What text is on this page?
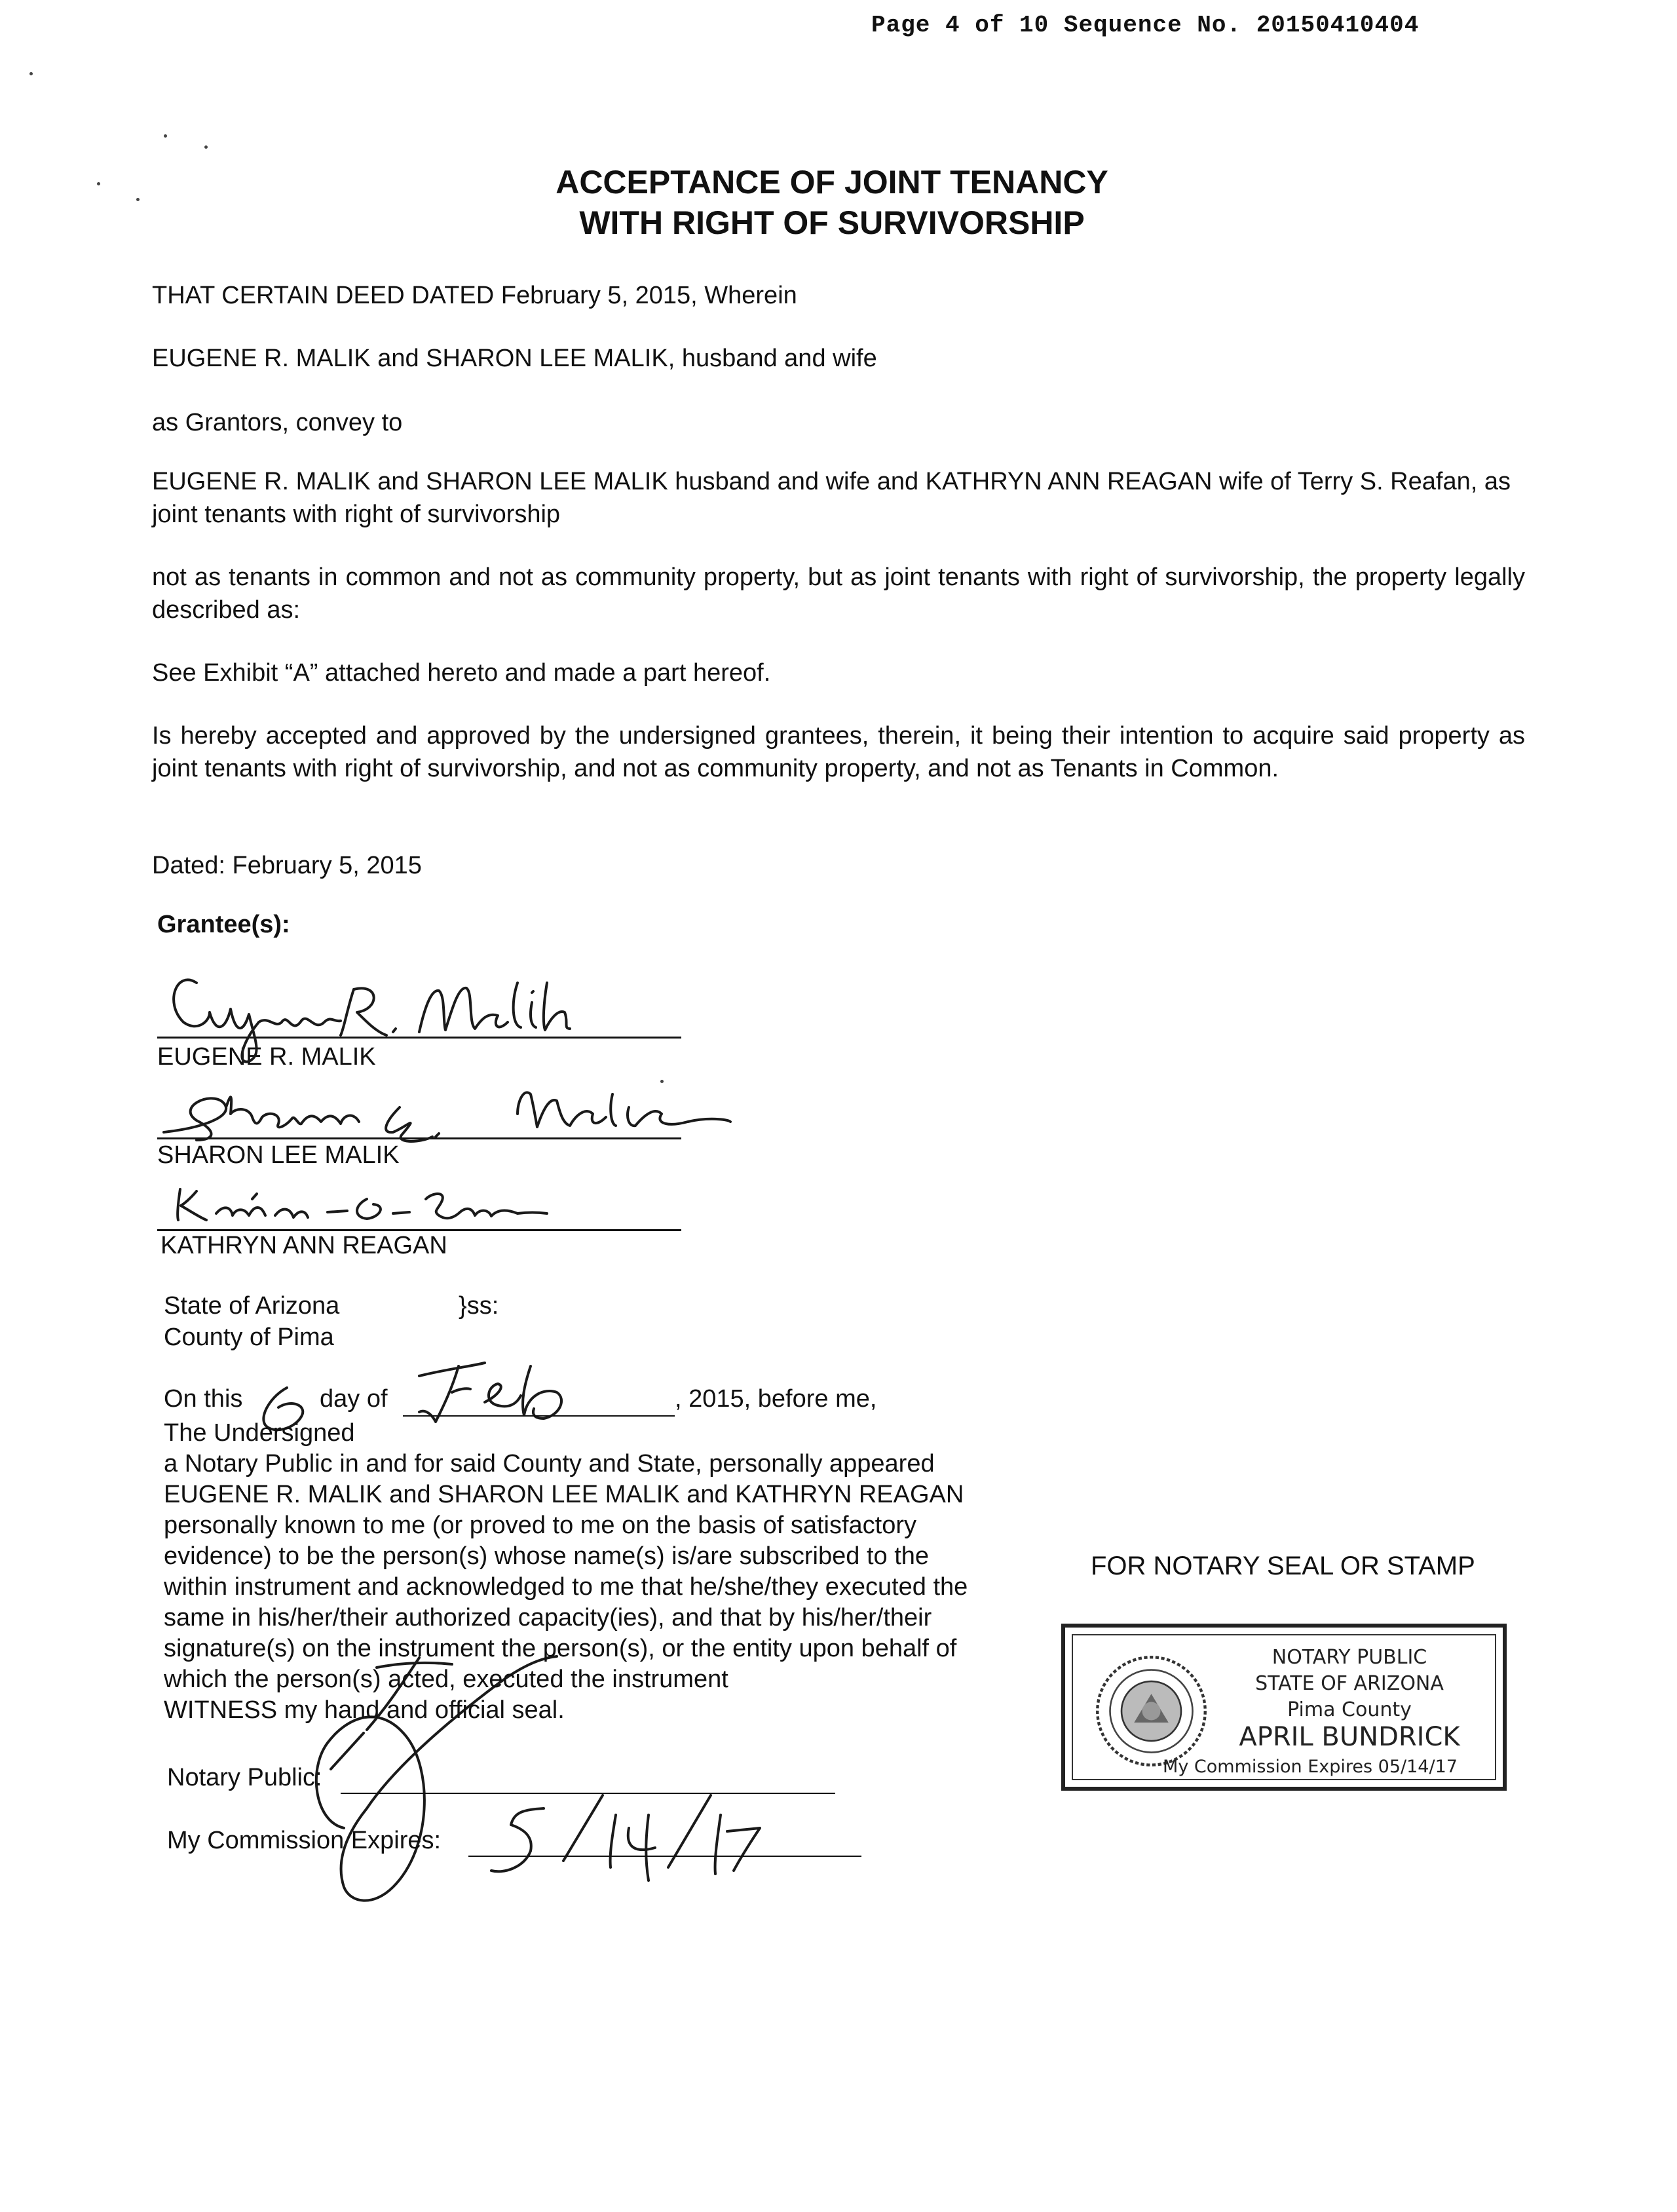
Page 4 of 10 Sequence No. 20150410404
ACCEPTANCE OF JOINT TENANCY
WITH RIGHT OF SURVIVORSHIP
THAT CERTAIN DEED DATED February 5, 2015, Wherein
EUGENE R. MALIK and SHARON LEE MALIK, husband and wife
as Grantors, convey to
EUGENE R. MALIK and SHARON LEE MALIK husband and wife and KATHRYN ANN REAGAN wife of Terry S. Reafan, as joint tenants with right of survivorship
not as tenants in common and not as community property, but as joint tenants with right of survivorship, the property legally described as:
See Exhibit “A” attached hereto and made a part hereof.
Is hereby accepted and approved by the undersigned grantees, therein, it being their intention to acquire said property as joint tenants with right of survivorship, and not as community property, and not as Tenants in Common.
Dated: February 5, 2015
Grantee(s):
EUGENE R. MALIK
SHARON LEE MALIK
KATHRYN ANN REAGAN
State of Arizona	}ss:
County of Pima
On this	day of	, 2015, before me,
The Undersigned
a Notary Public in and for said County and State, personally appeared
EUGENE R. MALIK and SHARON LEE MALIK and KATHRYN REAGAN
personally known to me (or proved to me on the basis of satisfactory
evidence) to be the person(s) whose name(s) is/are subscribed to the
within instrument and acknowledged to me that he/she/they executed the
same in his/her/their authorized capacity(ies), and that by his/her/their
signature(s) on the instrument the person(s), or the entity upon behalf of
which the person(s) acted, executed the instrument
WITNESS my hand and official seal.
Notary Public:
My Commission Expires:
FOR NOTARY SEAL OR STAMP
NOTARY PUBLIC
STATE OF ARIZONA
Pima County
APRIL BUNDRICK
My Commission Expires 05/14/17
